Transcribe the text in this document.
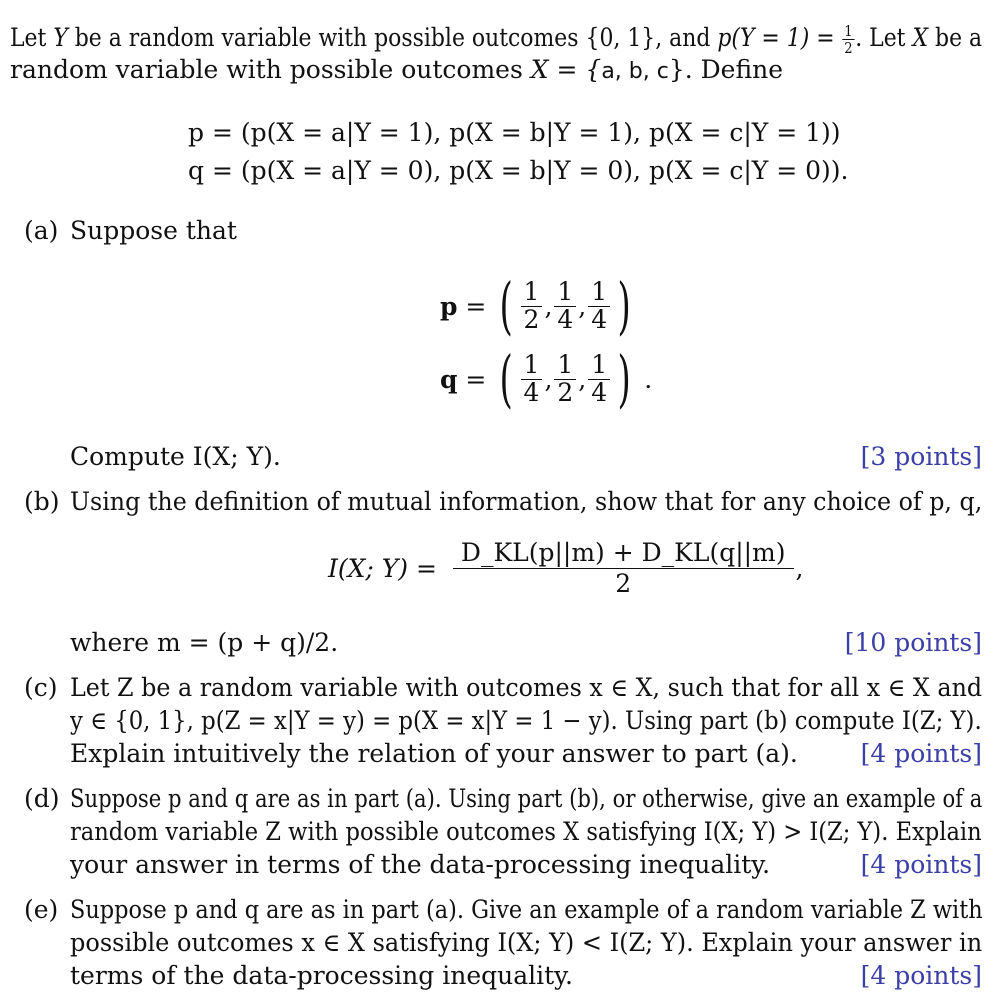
Let Y be a random variable with possible outcomes {0, 1}, and $p(Y = 1) = \frac{1}{2}$ . Let X be a
random variable with possible outcomes X = {a, b, c}. Define
p = (p(X = a|Y = 1), p(X = b|Y = 1), p(X = c|Y = 1))
q = (p(X = a|Y = 0), p(X = b|Y = 0), p(X = c|Y = 0)).
(a) Suppose that
p = ( $\frac{1}{2}$ , $\frac{1}{4}$ , $\frac{1}{4}$ )
q = ( $\frac{1}{4}$ , $\frac{1}{2}$ , $\frac{1}{4}$ ) .
Compute I(X; Y).	[3 points]
(b) Using the definition of mutual information, show that for any choice of p, q,
I(X; Y) =
$\frac{D\_KL(p||m) + D\_KL(q||m)}{2}$ ,
where m = (p + q)/2.	[10 points]
(c) Let Z be a random variable with outcomes x ∈ X, such that for all x ∈ X and
y ∈ {0, 1}, p(Z = x|Y = y) = p(X = x|Y = 1 − y). Using part (b) compute I(Z; Y).
Explain intuitively the relation of your answer to part (a).	[4 points]
(d) Suppose p and q are as in part (a). Using part (b), or otherwise, give an example of a
random variable Z with possible outcomes X satisfying I(X; Y) > I(Z; Y). Explain
your answer in terms of the data-processing inequality.	[4 points]
(e) Suppose p and q are as in part (a). Give an example of a random variable Z with
possible outcomes x ∈ X satisfying I(X; Y) < I(Z; Y). Explain your answer in
terms of the data-processing inequality.	[4 points]
